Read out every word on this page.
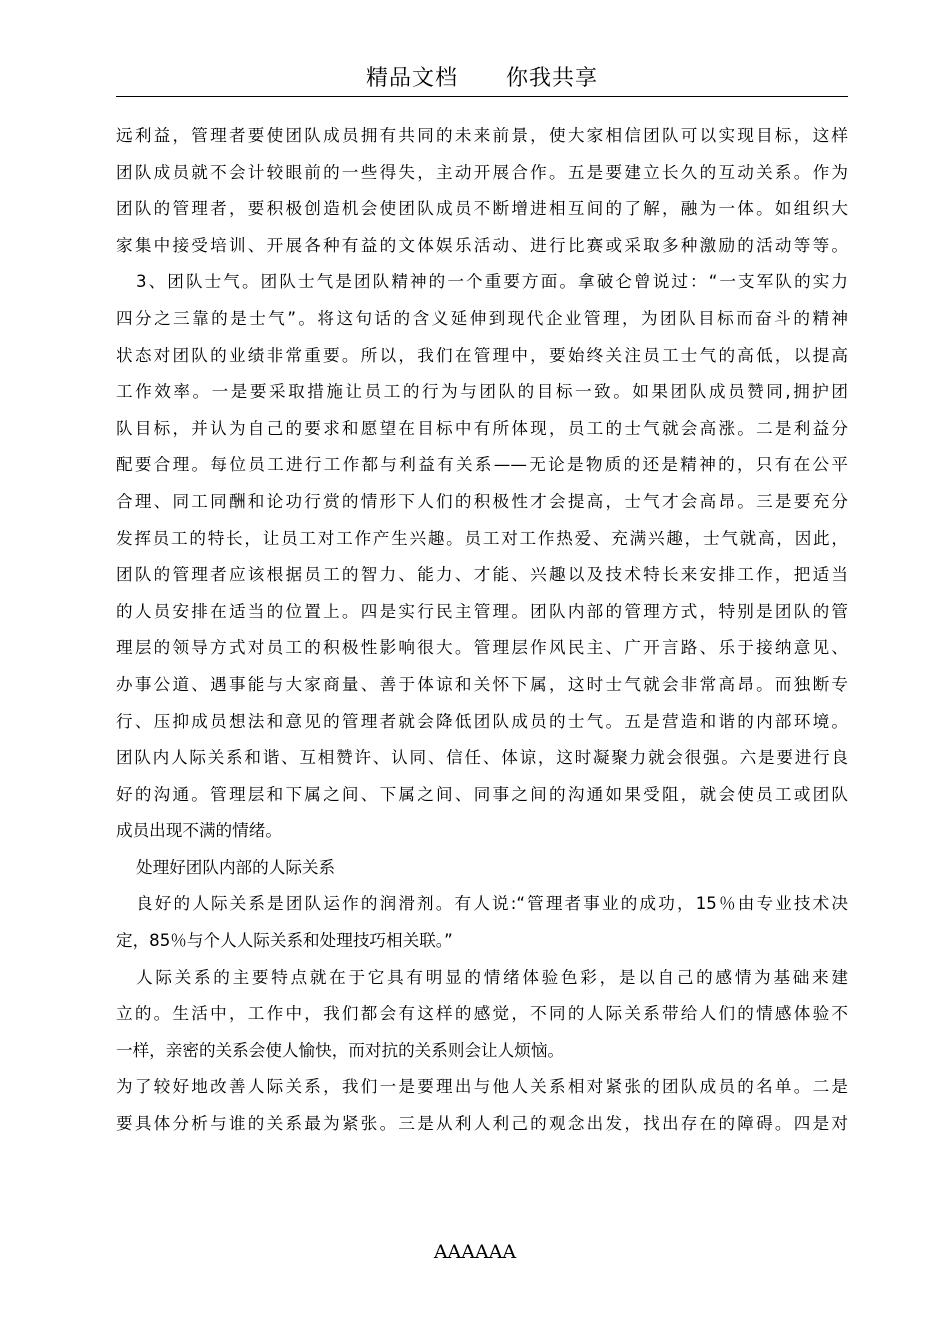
精品文档 你我共享
远利益，管理者要使团队成员拥有共同的未来前景，使大家相信团队可以实现目标，这样
团队成员就不会计较眼前的一些得失，主动开展合作。五是要建立长久的互动关系。作为
团队的管理者，要积极创造机会使团队成员不断增进相互间的了解，融为一体。如组织大
家集中接受培训、开展各种有益的文体娱乐活动、进行比赛或采取多种激励的活动等等。
3、团队士气。团队士气是团队精神的一个重要方面。拿破仑曾说过：“一支军队的实力
四分之三靠的是士气”。将这句话的含义延伸到现代企业管理，为团队目标而奋斗的精神
状态对团队的业绩非常重要。所以，我们在管理中，要始终关注员工士气的高低，以提高
工作效率。一是要采取措施让员工的行为与团队的目标一致。如果团队成员赞同,拥护团
队目标，并认为自己的要求和愿望在目标中有所体现，员工的士气就会高涨。二是利益分
配要合理。每位员工进行工作都与利益有关系——无论是物质的还是精神的，只有在公平
合理、同工同酬和论功行赏的情形下人们的积极性才会提高，士气才会高昂。三是要充分
发挥员工的特长，让员工对工作产生兴趣。员工对工作热爱、充满兴趣，士气就高，因此，
团队的管理者应该根据员工的智力、能力、才能、兴趣以及技术特长来安排工作，把适当
的人员安排在适当的位置上。四是实行民主管理。团队内部的管理方式，特别是团队的管
理层的领导方式对员工的积极性影响很大。管理层作风民主、广开言路、乐于接纳意见、
办事公道、遇事能与大家商量、善于体谅和关怀下属，这时士气就会非常高昂。而独断专
行、压抑成员想法和意见的管理者就会降低团队成员的士气。五是营造和谐的内部环境。
团队内人际关系和谐、互相赞许、认同、信任、体谅，这时凝聚力就会很强。六是要进行良
好的沟通。管理层和下属之间、下属之间、同事之间的沟通如果受阻，就会使员工或团队
成员出现不满的情绪。
处理好团队内部的人际关系
良好的人际关系是团队运作的润滑剂。有人说:“管理者事业的成功，15％由专业技术决
定，85％与个人人际关系和处理技巧相关联。”
人际关系的主要特点就在于它具有明显的情绪体验色彩，是以自己的感情为基础来建
立的。生活中，工作中，我们都会有这样的感觉，不同的人际关系带给人们的情感体验不
一样，亲密的关系会使人愉快，而对抗的关系则会让人烦恼。
为了较好地改善人际关系，我们一是要理出与他人关系相对紧张的团队成员的名单。二是
要具体分析与谁的关系最为紧张。三是从利人利己的观念出发，找出存在的障碍。四是对
AAAAAA
